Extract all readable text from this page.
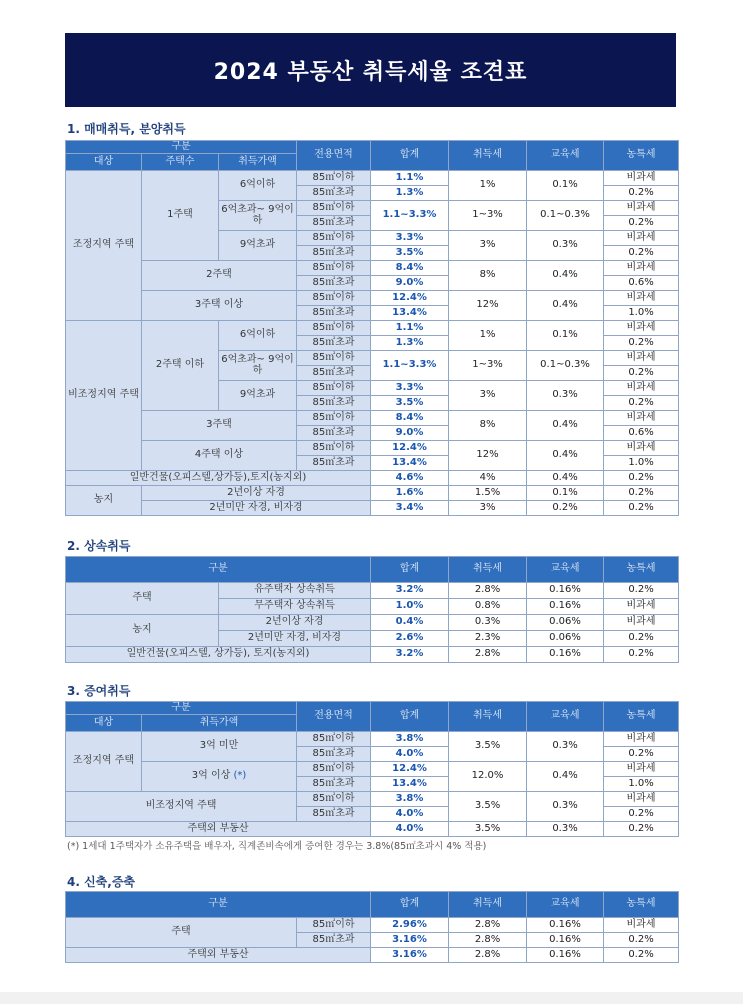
2024 부동산 취득세율 조견표
1. 매매취득, 분양취득
구분			전용면적	합계	취득세	교육세	농특세
대상	주택수	취득가액					
조정지역 주택	1주택	6억이하	85㎡이하	1.1%	1%	0.1%	비과세
			85㎡초과	1.3%			0.2%
		6억초과~ 9억이하	85㎡이하	1.1~3.3%	1~3%	0.1~0.3%	비과세
			85㎡초과				0.2%
		9억초과	85㎡이하	3.3%	3%	0.3%	비과세
			85㎡초과	3.5%			0.2%
	2주택		85㎡이하	8.4%	8%	0.4%	비과세
			85㎡초과	9.0%			0.6%
	3주택 이상		85㎡이하	12.4%	12%	0.4%	비과세
			85㎡초과	13.4%			1.0%
비조정지역 주택	2주택 이하	6억이하	85㎡이하	1.1%	1%	0.1%	비과세
			85㎡초과	1.3%			0.2%
		6억초과~ 9억이하	85㎡이하	1.1~3.3%	1~3%	0.1~0.3%	비과세
			85㎡초과				0.2%
		9억초과	85㎡이하	3.3%	3%	0.3%	비과세
			85㎡초과	3.5%			0.2%
	3주택		85㎡이하	8.4%	8%	0.4%	비과세
			85㎡초과	9.0%			0.6%
	4주택 이상		85㎡이하	12.4%	12%	0.4%	비과세
			85㎡초과	13.4%			1.0%
일반건물(오피스텔,상가등),토지(농지외)				4.6%	4%	0.4%	0.2%
농지	2년이상 자경			1.6%	1.5%	0.1%	0.2%
	2년미만 자경, 비자경			3.4%	3%	0.2%	0.2%
2. 상속취득
구분		합계	취득세	교육세	농특세
주택	유주택자 상속취득	3.2%	2.8%	0.16%	0.2%
	무주택자 상속취득	1.0%	0.8%	0.16%	비과세
농지	2년이상 자경	0.4%	0.3%	0.06%	비과세
	2년미만 자경, 비자경	2.6%	2.3%	0.06%	0.2%
일반건물(오피스텔, 상가등), 토지(농지외)		3.2%	2.8%	0.16%	0.2%
3. 증여취득
구분		전용면적	합계	취득세	교육세	농특세
대상	취득가액					
조정지역 주택	3억 미만	85㎡이하	3.8%	3.5%	0.3%	비과세
		85㎡초과	4.0%			0.2%
	3억 이상 (*)	85㎡이하	12.4%	12.0%	0.4%	비과세
		85㎡초과	13.4%			1.0%
비조정지역 주택		85㎡이하	3.8%	3.5%	0.3%	비과세
		85㎡초과	4.0%			0.2%
주택외 부동산			4.0%	3.5%	0.3%	0.2%
(*) 1세대 1주택자가 소유주택을 배우자, 직계존비속에게 증여한 경우는 3.8%(85㎡초과시 4% 적용)
4. 신축,증축
구분		합계	취득세	교육세	농특세
주택	85㎡이하	2.96%	2.8%	0.16%	비과세
	85㎡초과	3.16%	2.8%	0.16%	0.2%
주택외 부동산		3.16%	2.8%	0.16%	0.2%
